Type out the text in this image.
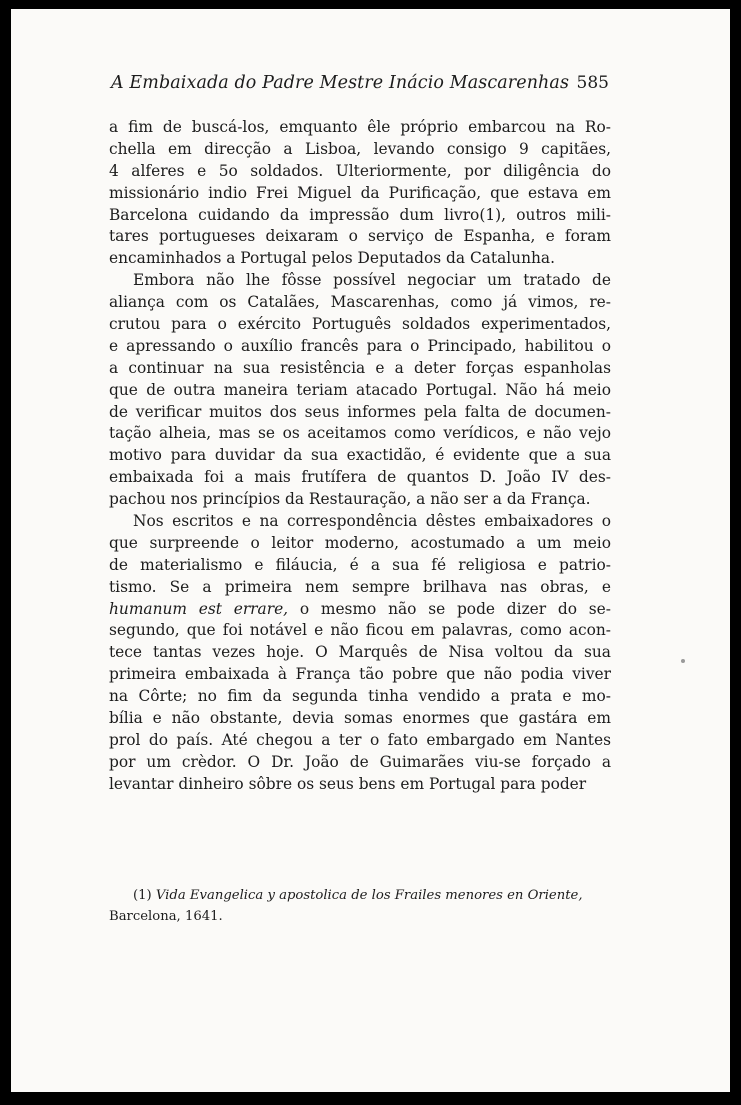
A Embaixada do Padre Mestre Inácio Mascarenhas 585
a fim de buscá-los, emquanto êle próprio embarcou na Ro-
chella em direcção a Lisboa, levando consigo 9 capitães,
4 alferes e 5o soldados. Ulteriormente, por diligência do
missionário indio Frei Miguel da Purificação, que estava em
Barcelona cuidando da impressão dum livro(1), outros mili-
tares portugueses deixaram o serviço de Espanha, e foram
encaminhados a Portugal pelos Deputados da Catalunha.
Embora não lhe fôsse possível negociar um tratado de
aliança com os Catalães, Mascarenhas, como já vimos, re-
crutou para o exército Português soldados experimentados,
e apressando o auxílio francês para o Principado, habilitou o
a continuar na sua resistência e a deter forças espanholas
que de outra maneira teriam atacado Portugal. Não há meio
de verificar muitos dos seus informes pela falta de documen-
tação alheia, mas se os aceitamos como verídicos, e não vejo
motivo para duvidar da sua exactidão, é evidente que a sua
embaixada foi a mais frutífera de quantos D. João IV des-
pachou nos princípios da Restauração, a não ser a da França.
Nos escritos e na correspondência dêstes embaixadores o
que surpreende o leitor moderno, acostumado a um meio
de materialismo e filáucia, é a sua fé religiosa e patrio-
tismo. Se a primeira nem sempre brilhava nas obras, e
humanum est errare, o mesmo não se pode dizer do se-
segundo, que foi notável e não ficou em palavras, como acon-
tece tantas vezes hoje. O Marquês de Nisa voltou da sua
primeira embaixada à França tão pobre que não podia viver
na Côrte; no fim da segunda tinha vendido a prata e mo-
bília e não obstante, devia somas enormes que gastára em
prol do país. Até chegou a ter o fato embargado em Nantes
por um crèdor. O Dr. João de Guimarães viu-se forçado a
levantar dinheiro sôbre os seus bens em Portugal para poder
(1) Vida Evangelica y apostolica de los Frailes menores en Oriente,
Barcelona, 1641.
